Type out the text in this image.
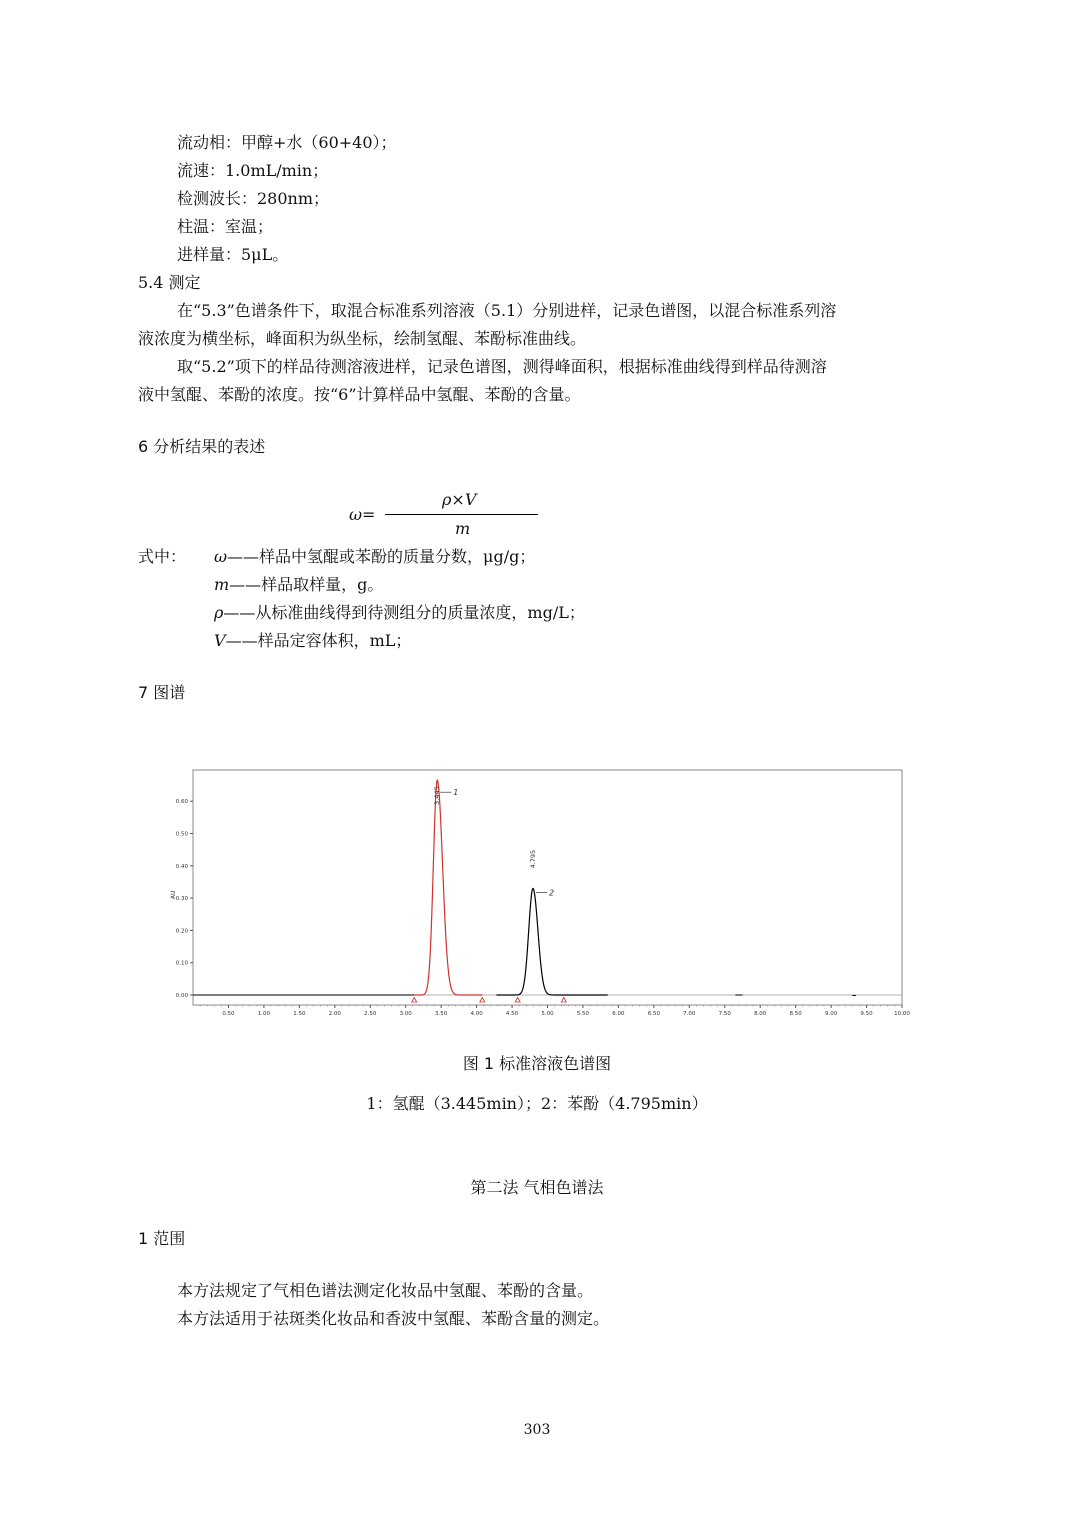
流动相：甲醇+水（60+40）；
流速：1.0mL/min；
检测波长：280nm；
柱温：室温；
进样量：5μL。
5.4 测定
在“5.3”色谱条件下，取混合标准系列溶液（5.1）分别进样，记录色谱图，以混合标准系列溶
液浓度为横坐标，峰面积为纵坐标，绘制氢醌、苯酚标准曲线。
取“5.2”项下的样品待测溶液进样，记录色谱图，测得峰面积，根据标准曲线得到样品待测溶
液中氢醌、苯酚的浓度。按“6”计算样品中氢醌、苯酚的含量。
6 分析结果的表述
ω=
ρ×V
m
式中： ω——样品中氢醌或苯酚的质量分数，μg/g；
m——样品取样量，g。
ρ——从标准曲线得到待测组分的质量浓度，mg/L；
V——样品定容体积，mL；
7 图谱
0.00
0.10
0.20
0.30
0.40
0.50
0.60
AU
0.50	1.00	1.50	2.00	2.50	3.00	3.50	4.00	4.50	5.00	5.50	6.00	6.50	7.00	7.50	8.00	8.50	9.00	9.50	10.00
3.445 1
4.795
2
图 1 标准溶液色谱图
1：氢醌（3.445min）；2：苯酚（4.795min）
第二法 气相色谱法
1 范围
本方法规定了气相色谱法测定化妆品中氢醌、苯酚的含量。
本方法适用于祛斑类化妆品和香波中氢醌、苯酚含量的测定。
303
